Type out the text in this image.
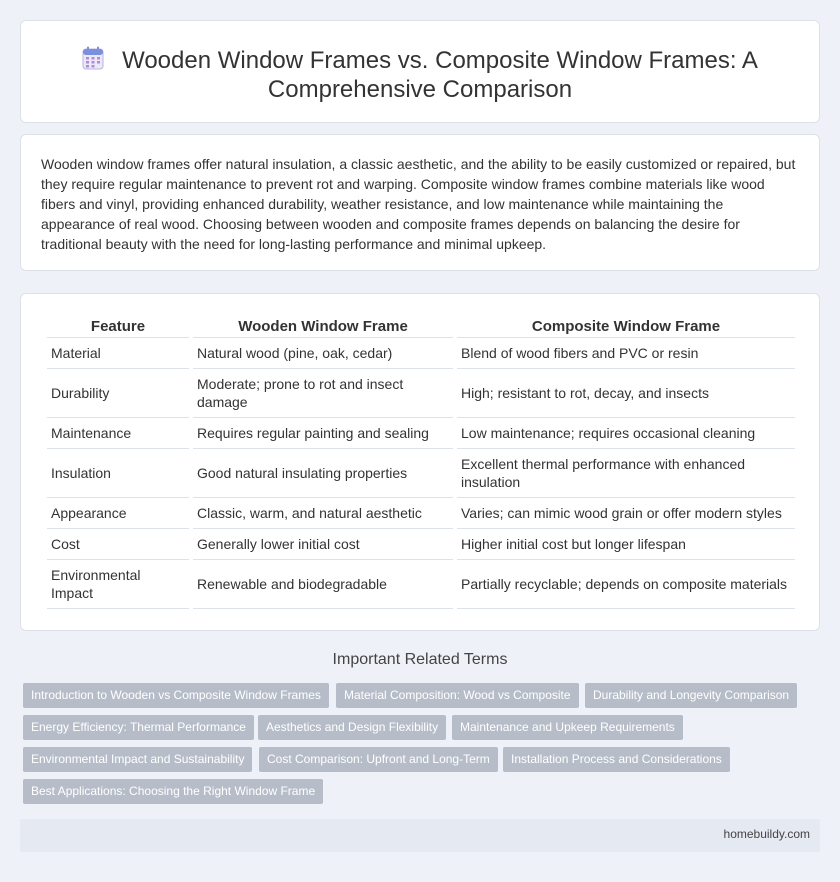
Wooden Window Frames vs. Composite Window Frames: A
Comprehensive Comparison

Wooden window frames offer natural insulation, a classic aesthetic, and the ability to be easily customized or repaired, but they require regular maintenance to prevent rot and warping. Composite window frames combine materials like wood fibers and vinyl, providing enhanced durability, weather resistance, and low maintenance while maintaining the appearance of real wood. Choosing between wooden and composite frames depends on balancing the desire for traditional beauty with the need for long-lasting performance and minimal upkeep.

Feature	Wooden Window Frame	Composite Window Frame
Material	Natural wood (pine, oak, cedar)	Blend of wood fibers and PVC or resin
Durability	Moderate; prone to rot and insect damage	High; resistant to rot, decay, and insects
Maintenance	Requires regular painting and sealing	Low maintenance; requires occasional cleaning
Insulation	Good natural insulating properties	Excellent thermal performance with enhanced insulation
Appearance	Classic, warm, and natural aesthetic	Varies; can mimic wood grain or offer modern styles
Cost	Generally lower initial cost	Higher initial cost but longer lifespan
Environmental Impact	Renewable and biodegradable	Partially recyclable; depends on composite materials
Important Related Terms
Introduction to Wooden vs Composite Window Frames	Material Composition: Wood vs Composite	Durability and Longevity Comparison
Energy Efficiency: Thermal Performance	Aesthetics and Design Flexibility	Maintenance and Upkeep Requirements
Environmental Impact and Sustainability	Cost Comparison: Upfront and Long-Term	Installation Process and Considerations
Best Applications: Choosing the Right Window Frame
homebuildy.com
